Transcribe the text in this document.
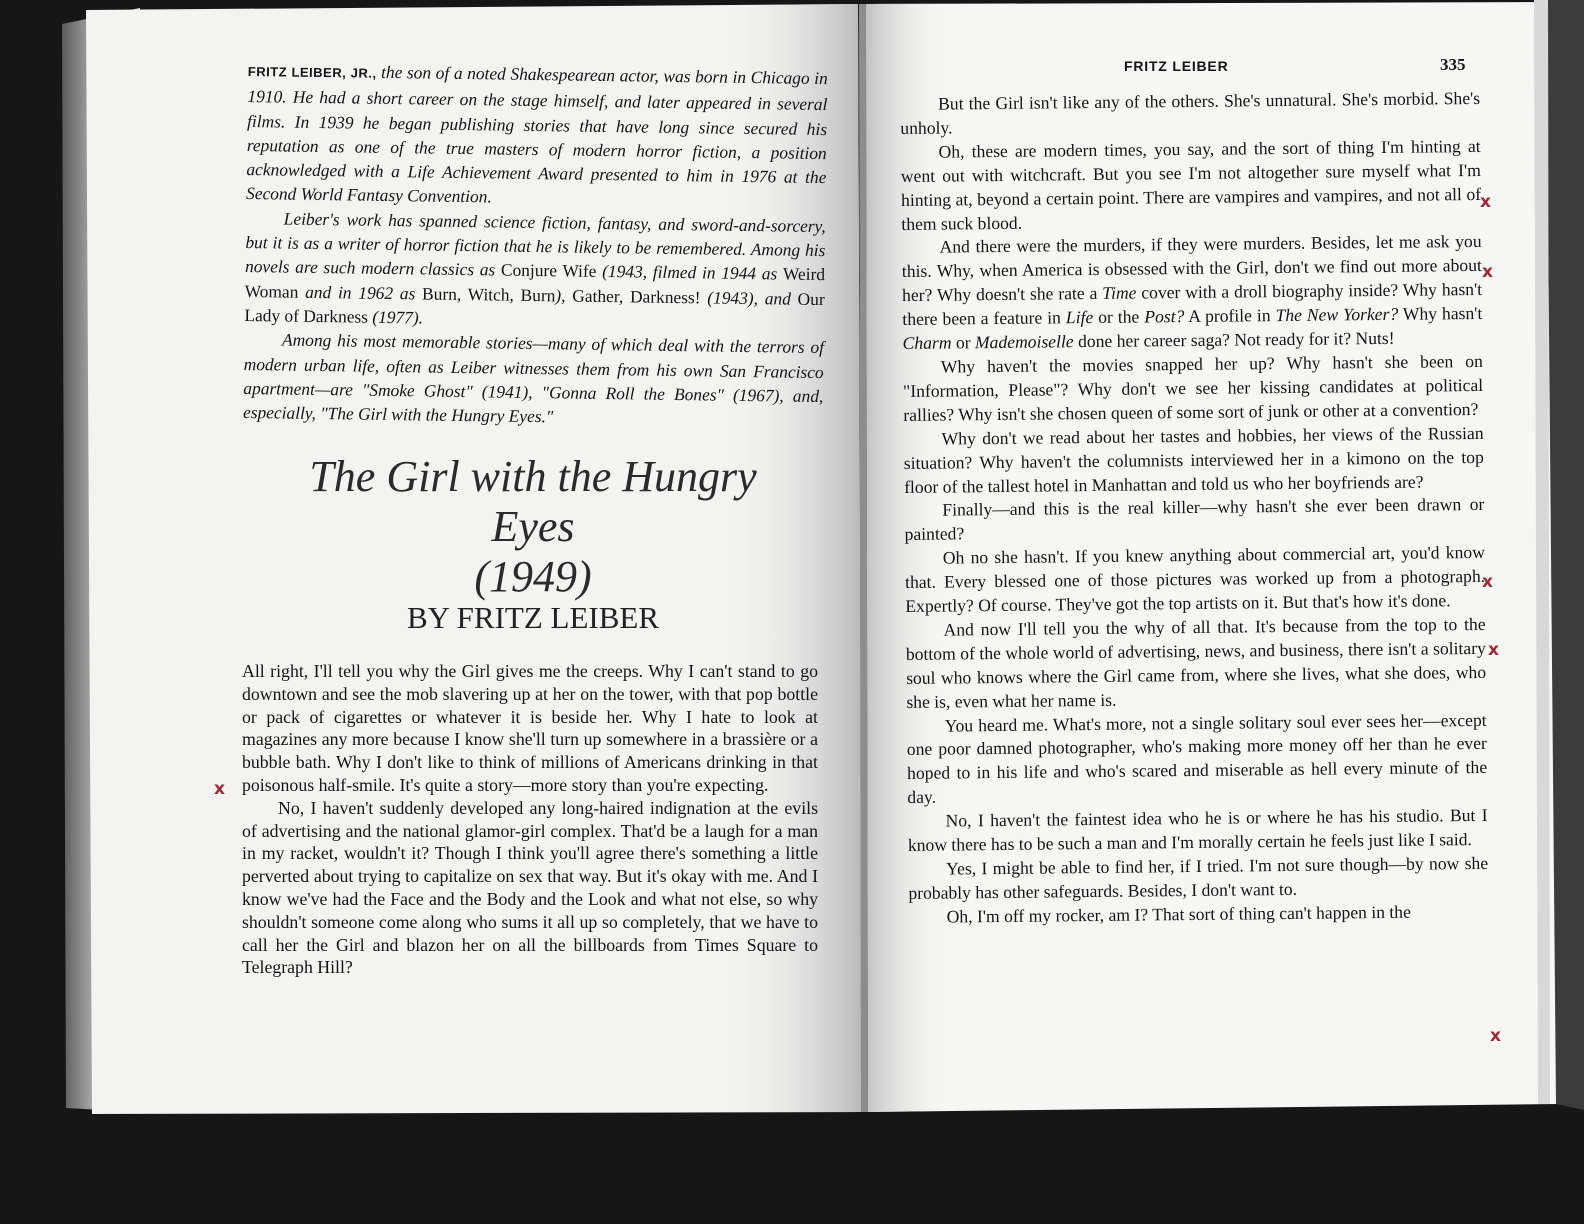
FRITZ LEIBER, JR., the son of a noted Shakespearean actor, was born in Chicago in 1910. He had a short career on the stage himself, and later appeared in several films. In 1939 he began publishing stories that have long since secured his reputation as one of the true masters of modern horror fiction, a position acknowledged with a Life Achievement Award presented to him in 1976 at the Second World Fantasy Convention.

Leiber's work has spanned science fiction, fantasy, and sword-and-sorcery, but it is as a writer of horror fiction that he is likely to be remembered. Among his novels are such modern classics as Conjure Wife (1943, filmed in 1944 as Weird Woman and in 1962 as Burn, Witch, Burn), Gather, Darkness! (1943), and Our Lady of Darkness (1977).

Among his most memorable stories—many of which deal with the terrors of modern urban life, often as Leiber witnesses them from his own San Francisco apartment—are "Smoke Ghost" (1941), "Gonna Roll the Bones" (1967), and, especially, "The Girl with the Hungry Eyes."

The Girl with the Hungry
Eyes
(1949)
BY FRITZ LEIBER

All right, I'll tell you why the Girl gives me the creeps. Why I can't stand to go downtown and see the mob slavering up at her on the tower, with that pop bottle or pack of cigarettes or whatever it is beside her. Why I hate to look at magazines any more because I know she'll turn up somewhere in a brassière or a bubble bath. Why I don't like to think of millions of Americans drinking in that poisonous half-smile. It's quite a story—more story than you're expecting.

No, I haven't suddenly developed any long-haired indignation at the evils of advertising and the national glamor-girl complex. That'd be a laugh for a man in my racket, wouldn't it? Though I think you'll agree there's something a little perverted about trying to capitalize on sex that way. But it's okay with me. And I know we've had the Face and the Body and the Look and what not else, so why shouldn't someone come along who sums it all up so completely, that we have to call her the Girl and blazon her on all the billboards from Times Square to Telegraph Hill?

x
FRITZ LEIBER	335

But the Girl isn't like any of the others. She's unnatural. She's morbid. She's unholy.

Oh, these are modern times, you say, and the sort of thing I'm hinting at went out with witchcraft. But you see I'm not altogether sure myself what I'm hinting at, beyond a certain point. There are vampires and vampires, and not all of them suck blood.

And there were the murders, if they were murders. Besides, let me ask you this. Why, when America is obsessed with the Girl, don't we find out more about her? Why doesn't she rate a Time cover with a droll biography inside? Why hasn't there been a feature in Life or the Post? A profile in The New Yorker? Why hasn't Charm or Mademoiselle done her career saga? Not ready for it? Nuts!

Why haven't the movies snapped her up? Why hasn't she been on "Information, Please"? Why don't we see her kissing candidates at political rallies? Why isn't she chosen queen of some sort of junk or other at a convention?

Why don't we read about her tastes and hobbies, her views of the Russian situation? Why haven't the columnists interviewed her in a kimono on the top floor of the tallest hotel in Manhattan and told us who her boyfriends are?

Finally—and this is the real killer—why hasn't she ever been drawn or painted?

Oh no she hasn't. If you knew anything about commercial art, you'd know that. Every blessed one of those pictures was worked up from a photograph. Expertly? Of course. They've got the top artists on it. But that's how it's done.

And now I'll tell you the why of all that. It's because from the top to the bottom of the whole world of advertising, news, and business, there isn't a solitary soul who knows where the Girl came from, where she lives, what she does, who she is, even what her name is.

You heard me. What's more, not a single solitary soul ever sees her—except one poor damned photographer, who's making more money off her than he ever hoped to in his life and who's scared and miserable as hell every minute of the day.

No, I haven't the faintest idea who he is or where he has his studio. But I know there has to be such a man and I'm morally certain he feels just like I said.

Yes, I might be able to find her, if I tried. I'm not sure though—by now she probably has other safeguards. Besides, I don't want to.

Oh, I'm off my rocker, am I? That sort of thing can't happen in the

x
x
x
x
x
